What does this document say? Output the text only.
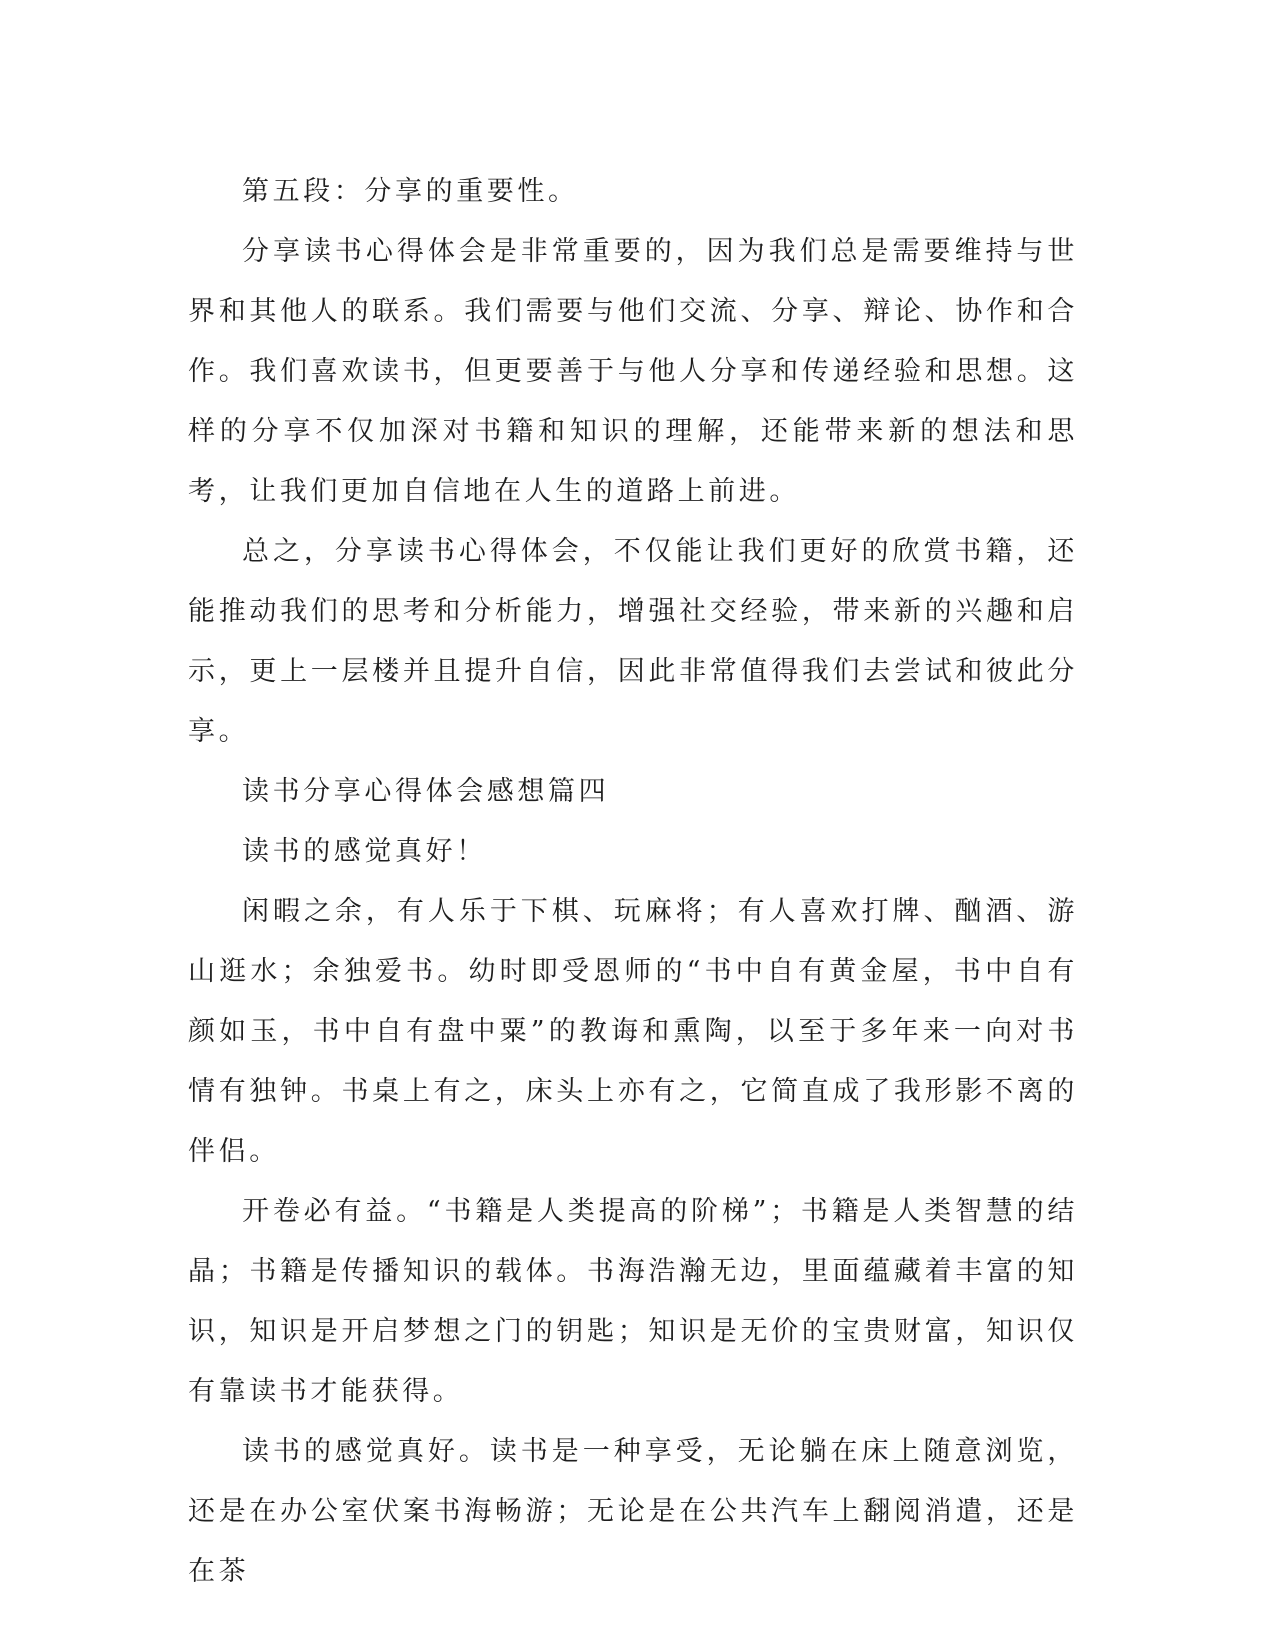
第五段：分享的重要性。

分享读书心得体会是非常重要的，因为我们总是需要维持与世界和其他人的联系。我们需要与他们交流、分享、辩论、协作和合作。我们喜欢读书，但更要善于与他人分享和传递经验和思想。这样的分享不仅加深对书籍和知识的理解，还能带来新的想法和思考，让我们更加自信地在人生的道路上前进。

总之，分享读书心得体会，不仅能让我们更好的欣赏书籍，还能推动我们的思考和分析能力，增强社交经验，带来新的兴趣和启示，更上一层楼并且提升自信，因此非常值得我们去尝试和彼此分享。

读书分享心得体会感想篇四

读书的感觉真好！

闲暇之余，有人乐于下棋、玩麻将；有人喜欢打牌、酗酒、游山逛水；余独爱书。幼时即受恩师的“书中自有黄金屋，书中自有颜如玉，书中自有盘中粟”的教诲和熏陶，以至于多年来一向对书情有独钟。书桌上有之，床头上亦有之，它简直成了我形影不离的伴侣。

开卷必有益。“书籍是人类提高的阶梯”；书籍是人类智慧的结晶；书籍是传播知识的载体。书海浩瀚无边，里面蕴藏着丰富的知识，知识是开启梦想之门的钥匙；知识是无价的宝贵财富，知识仅有靠读书才能获得。

读书的感觉真好。读书是一种享受，无论躺在床上随意浏览，还是在办公室伏案书海畅游；无论是在公共汽车上翻阅消遣，还是在茶
